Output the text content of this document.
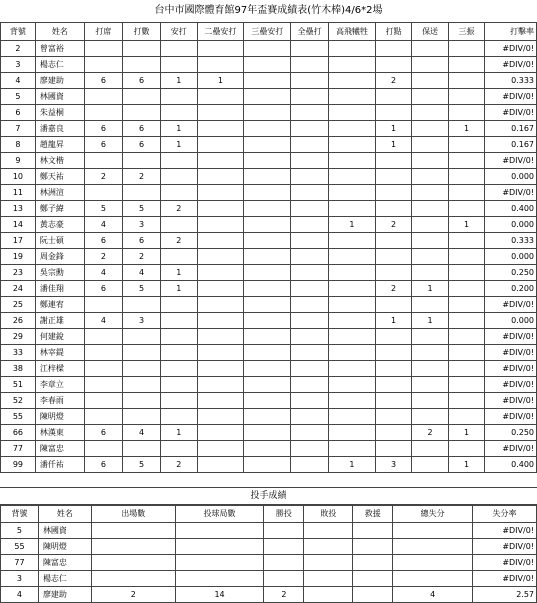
台中市國際體育館97年盃賽成績表(竹木棒)4/6*2場
背號	姓名	打席	打數	安打	二壘安打	三壘安打	全壘打	高飛犧牲	打點	保送	三振	打擊率
2	曾富裕											#DIV/0!
3	楊志仁											#DIV/0!
4	廖建助	6	6	1	1				2			0.333
5	林國資											#DIV/0!
6	朱益桐											#DIV/0!
7	潘嘉良	6	6	1					1		1	0.167
8	趙龍昇	6	6	1					1			0.167
9	林文楷											#DIV/0!
10	鄭天祐	2	2									0.000
11	林洲渲											#DIV/0!
13	鄭子緯	5	5	2								0.400
14	黃志豪	4	3					1	2		1	0.000
17	阮士碩	6	6	2								0.333
19	周金鋒	2	2									0.000
23	吳宗勳	4	4	1								0.250
24	潘佳翔	6	5	1					2	1		0.200
25	鄭連宥											#DIV/0!
26	謝正雄	4	3						1	1		0.000
29	何建銳											#DIV/0!
33	林宰鍉											#DIV/0!
38	江梓樑											#DIV/0!
51	李章立											#DIV/0!
52	李春雨											#DIV/0!
55	陳明燈											#DIV/0!
66	林漢東	6	4	1						2	1	0.250
77	陳富忠											#DIV/0!
99	潘仟祐	6	5	2				1	3		1	0.400
投手成績
背號	姓名	出場數	投球局數	勝投	敗投	救援	總失分	失分率
5	林國資							#DIV/0!
55	陳明燈							#DIV/0!
77	陳富忠							#DIV/0!
3	楊志仁							#DIV/0!
4	廖建助	2	14	2			4	2.57
